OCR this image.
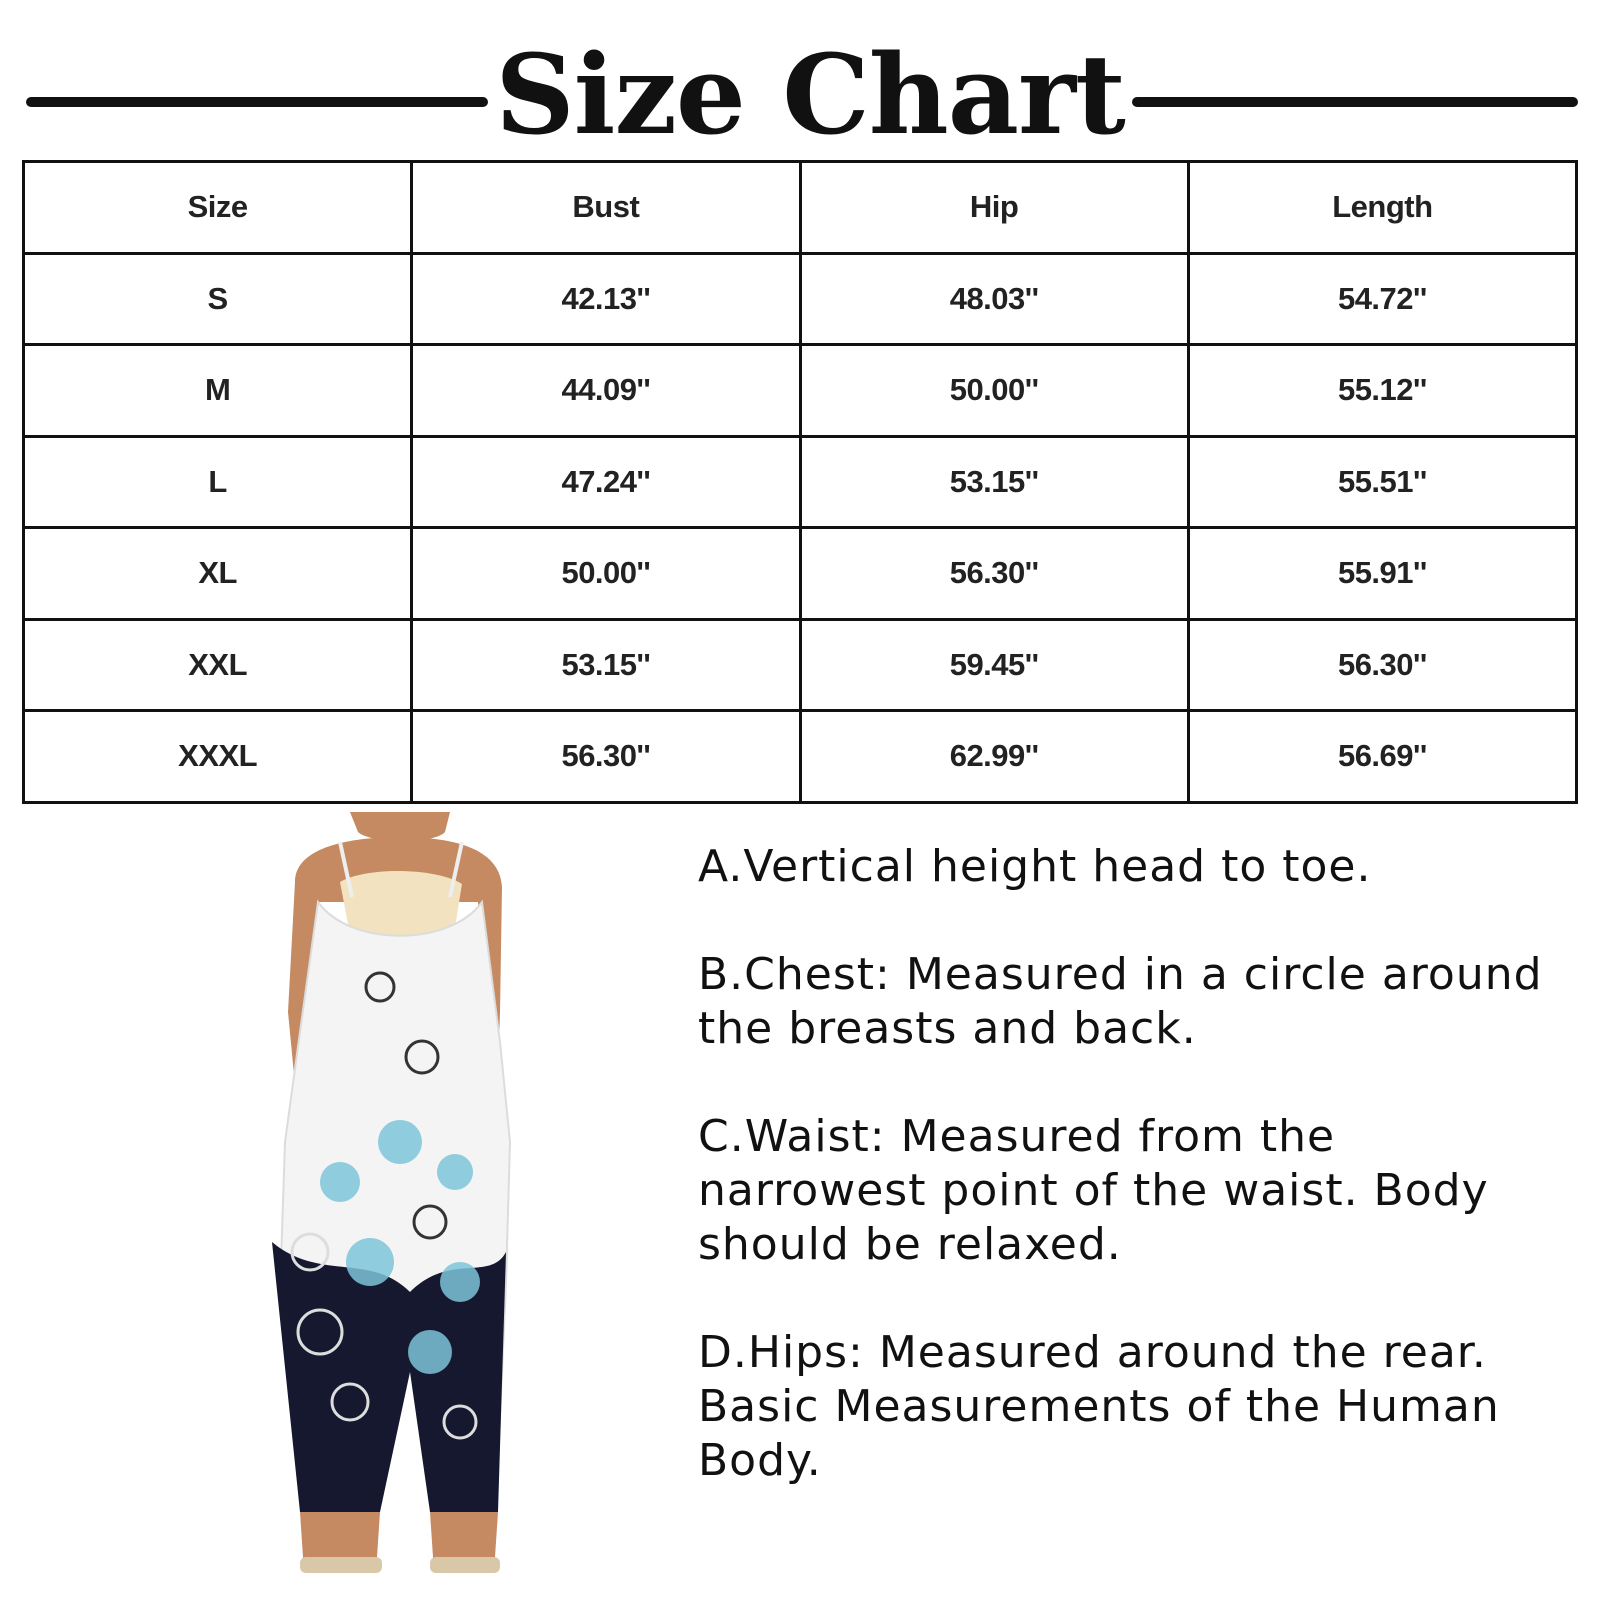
Size Chart
Size	Bust	Hip	Length
S	42.13''	48.03''	54.72''
M	44.09''	50.00''	55.12''
L	47.24''	53.15''	55.51''
XL	50.00''	56.30''	55.91''
XXL	53.15''	59.45''	56.30''
XXXL	56.30''	62.99''	56.69''

A.Vertical height head to toe.

B.Chest: Measured in a circle around the breasts and back.

C.Waist: Measured from the narrowest point of the waist. Body should be relaxed.

D.Hips: Measured around the rear. Basic Measurements of the Human Body.
